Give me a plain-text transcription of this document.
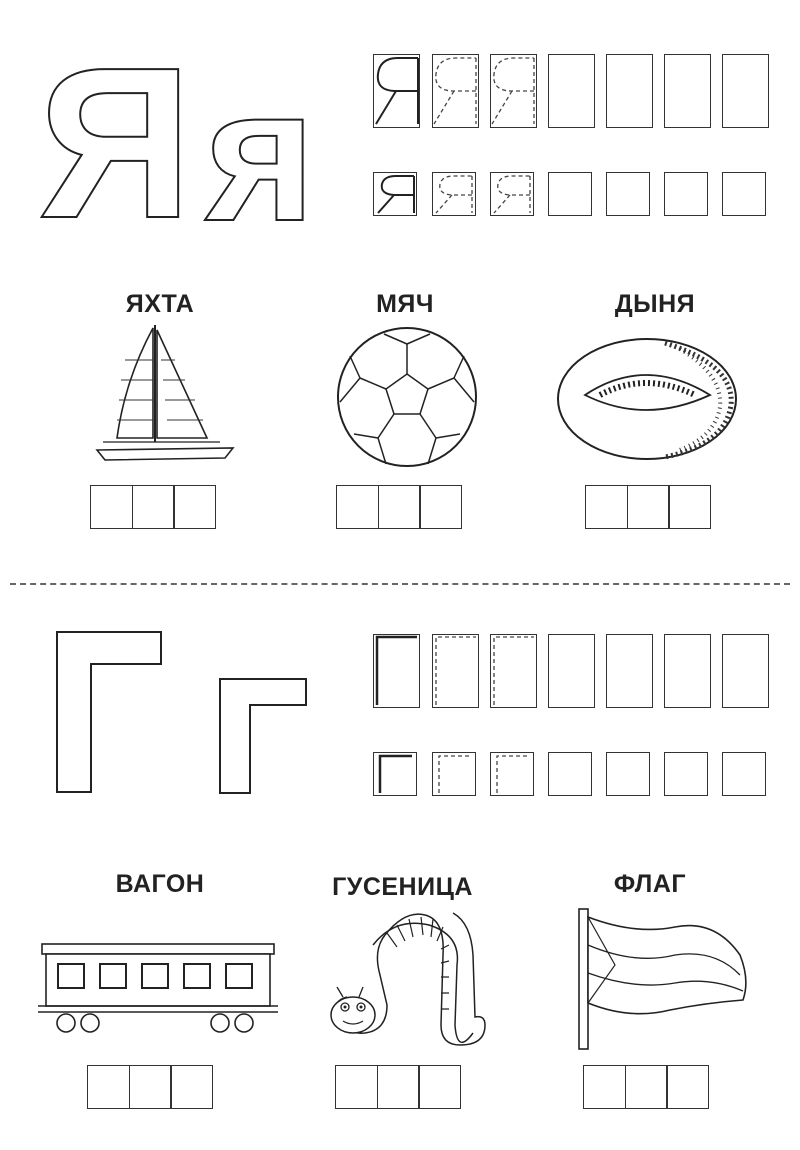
Я я
ЯХТА	МЯЧ	ДЫНЯ
ВАГОН	ГУСЕНИЦА	ФЛАГ
